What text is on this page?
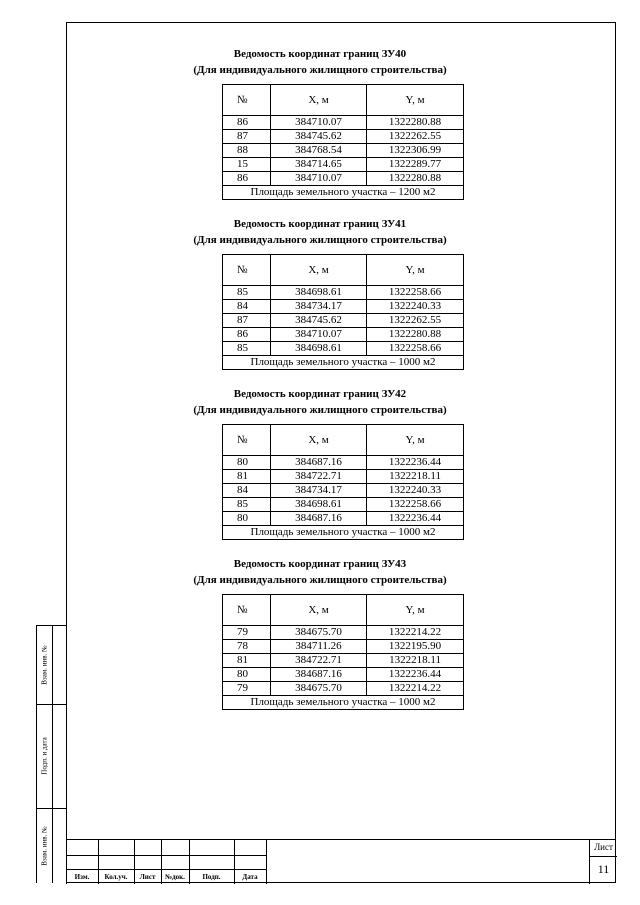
Взам. инв. №
Подп. и дата
Взам. инв. №
Ведомость координат границ ЗУ40
(Для индивидуального жилищного строительства)
№	X, м	Y, м
86	384710.07	1322280.88
87	384745.62	1322262.55
88	384768.54	1322306.99
15	384714.65	1322289.77
86	384710.07	1322280.88
Площадь земельного участка – 1200 м2		
Ведомость координат границ ЗУ41
(Для индивидуального жилищного строительства)
№	X, м	Y, м
85	384698.61	1322258.66
84	384734.17	1322240.33
87	384745.62	1322262.55
86	384710.07	1322280.88
85	384698.61	1322258.66
Площадь земельного участка – 1000 м2		
Ведомость координат границ ЗУ42
(Для индивидуального жилищного строительства)
№	X, м	Y, м
80	384687.16	1322236.44
81	384722.71	1322218.11
84	384734.17	1322240.33
85	384698.61	1322258.66
80	384687.16	1322236.44
Площадь земельного участка – 1000 м2		
Ведомость координат границ ЗУ43
(Для индивидуального жилищного строительства)
№	X, м	Y, м
79	384675.70	1322214.22
78	384711.26	1322195.90
81	384722.71	1322218.11
80	384687.16	1322236.44
79	384675.70	1322214.22
Площадь земельного участка – 1000 м2		
Изм.	Кол.уч.	Лист	№док.	Подп.	Дата
Лист
11
